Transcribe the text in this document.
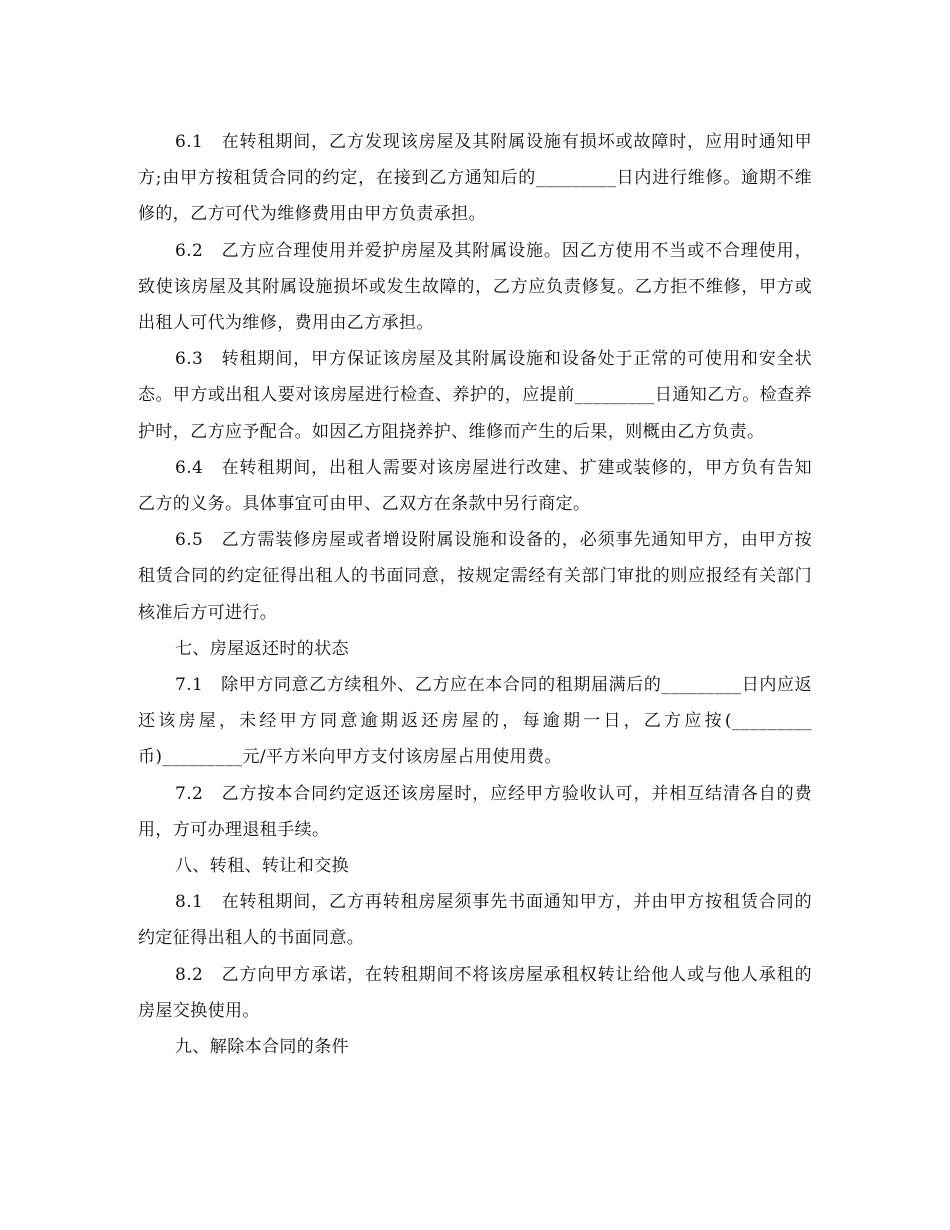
6.1　在转租期间，乙方发现该房屋及其附属设施有损坏或故障时，应用时通知甲方;由甲方按租赁合同的约定，在接到乙方通知后的_________日内进行维修。逾期不维修的，乙方可代为维修费用由甲方负责承担。

6.2　乙方应合理使用并爱护房屋及其附属设施。因乙方使用不当或不合理使用，致使该房屋及其附属设施损坏或发生故障的，乙方应负责修复。乙方拒不维修，甲方或出租人可代为维修，费用由乙方承担。

6.3　转租期间，甲方保证该房屋及其附属设施和设备处于正常的可使用和安全状态。甲方或出租人要对该房屋进行检查、养护的，应提前_________日通知乙方。检查养护时，乙方应予配合。如因乙方阻挠养护、维修而产生的后果，则概由乙方负责。

6.4　在转租期间，出租人需要对该房屋进行改建、扩建或装修的，甲方负有告知乙方的义务。具体事宜可由甲、乙双方在条款中另行商定。

6.5　乙方需装修房屋或者增设附属设施和设备的，必须事先通知甲方，由甲方按租赁合同的约定征得出租人的书面同意，按规定需经有关部门审批的则应报经有关部门核准后方可进行。

七、房屋返还时的状态

7.1　除甲方同意乙方续租外、乙方应在本合同的租期届满后的_________日内应返还该房屋，未经甲方同意逾期返还房屋的，每逾期一日，乙方应按(_________币)_________元/平方米向甲方支付该房屋占用使用费。

7.2　乙方按本合同约定返还该房屋时，应经甲方验收认可，并相互结清各自的费用，方可办理退租手续。

八、转租、转让和交换

8.1　在转租期间，乙方再转租房屋须事先书面通知甲方，并由甲方按租赁合同的约定征得出租人的书面同意。

8.2　乙方向甲方承诺，在转租期间不将该房屋承租权转让给他人或与他人承租的房屋交换使用。

九、解除本合同的条件
